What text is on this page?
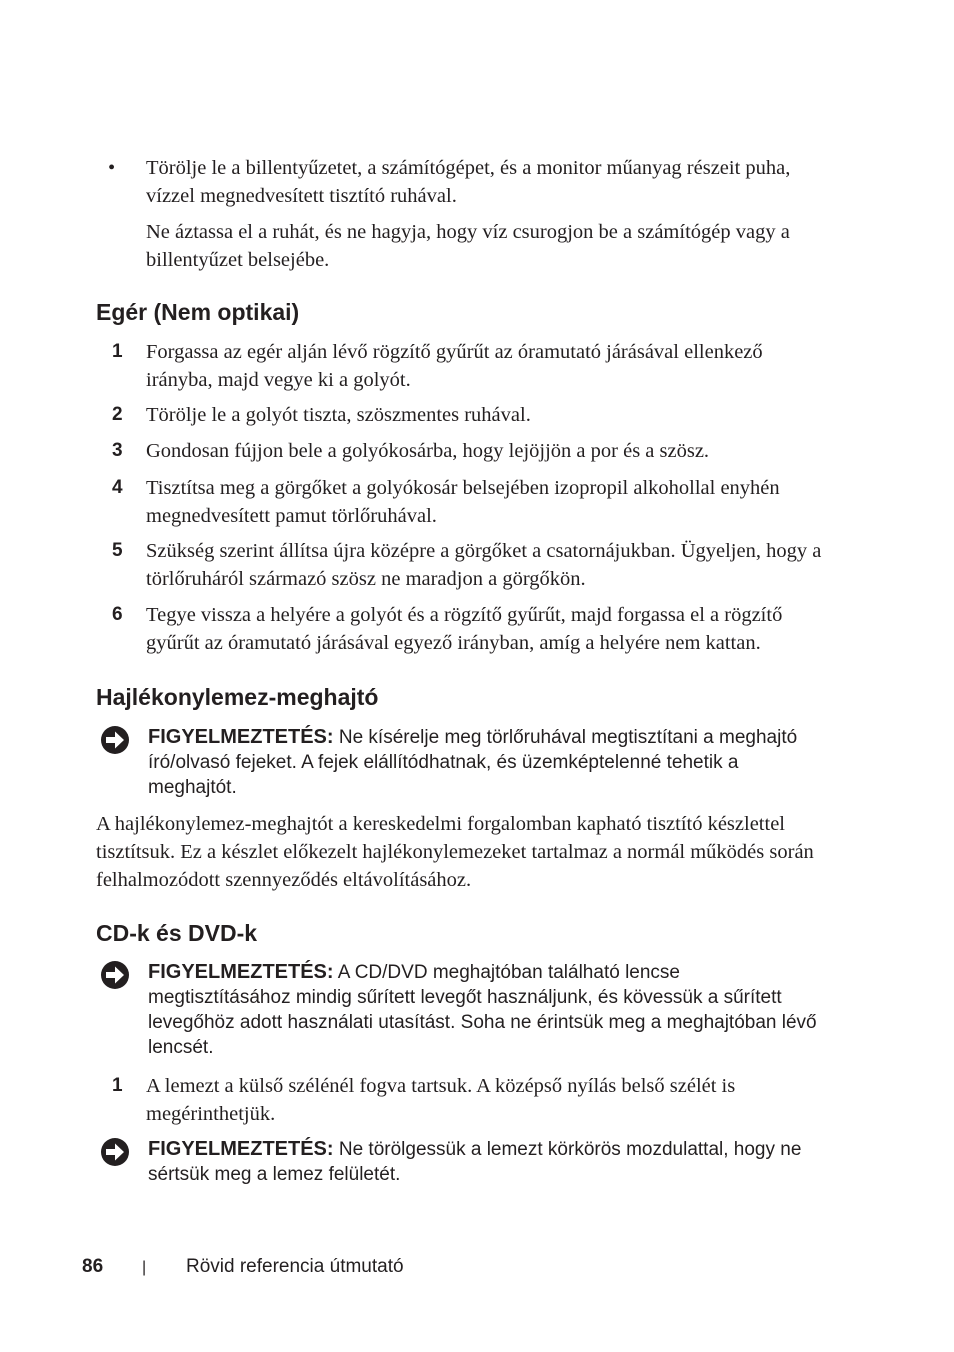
•	Törölje le a billentyűzetet, a számítógépet, és a monitor műanyag részeit puha, vízzel megnedvesített tisztító ruhával.
Ne áztassa el a ruhát, és ne hagyja, hogy víz csurogjon be a számítógép vagy a billentyűzet belsejébe.
Egér (Nem optikai)
1 Forgassa az egér alján lévő rögzítő gyűrűt az óramutató járásával ellenkező irányba, majd vegye ki a golyót.
2 Törölje le a golyót tiszta, szöszmentes ruhával.
3 Gondosan fújjon bele a golyókosárba, hogy lejöjjön a por és a szösz.
4 Tisztítsa meg a görgőket a golyókosár belsejében izopropil alkohollal enyhén megnedvesített pamut törlőruhával.
5 Szükség szerint állítsa újra középre a görgőket a csatornájukban. Ügyeljen, hogy a törlőruháról származó szösz ne maradjon a görgőkön.
6 Tegye vissza a helyére a golyót és a rögzítő gyűrűt, majd forgassa el a rögzítő gyűrűt az óramutató járásával egyező irányban, amíg a helyére nem kattan.
Hajlékonylemez-meghajtó
FIGYELMEZTETÉS: Ne kísérelje meg törlőruhával megtisztítani a meghajtó író/olvasó fejeket. A fejek elállítódhatnak, és üzemképtelenné tehetik a meghajtót.
A hajlékonylemez-meghajtót a kereskedelmi forgalomban kapható tisztító készlettel tisztítsuk. Ez a készlet előkezelt hajlékonylemezeket tartalmaz a normál működés során felhalmozódott szennyeződés eltávolításához.
CD-k és DVD-k
FIGYELMEZTETÉS: A CD/DVD meghajtóban található lencse megtisztításához mindig sűrített levegőt használjunk, és kövessük a sűrített levegőhöz adott használati utasítást. Soha ne érintsük meg a meghajtóban lévő lencsét.
1 A lemezt a külső szélénél fogva tartsuk. A középső nyílás belső szélét is megérinthetjük.
FIGYELMEZTETÉS: Ne törölgessük a lemezt körkörös mozdulattal, hogy ne sértsük meg a lemez felületét.
86 | Rövid referencia útmutató
